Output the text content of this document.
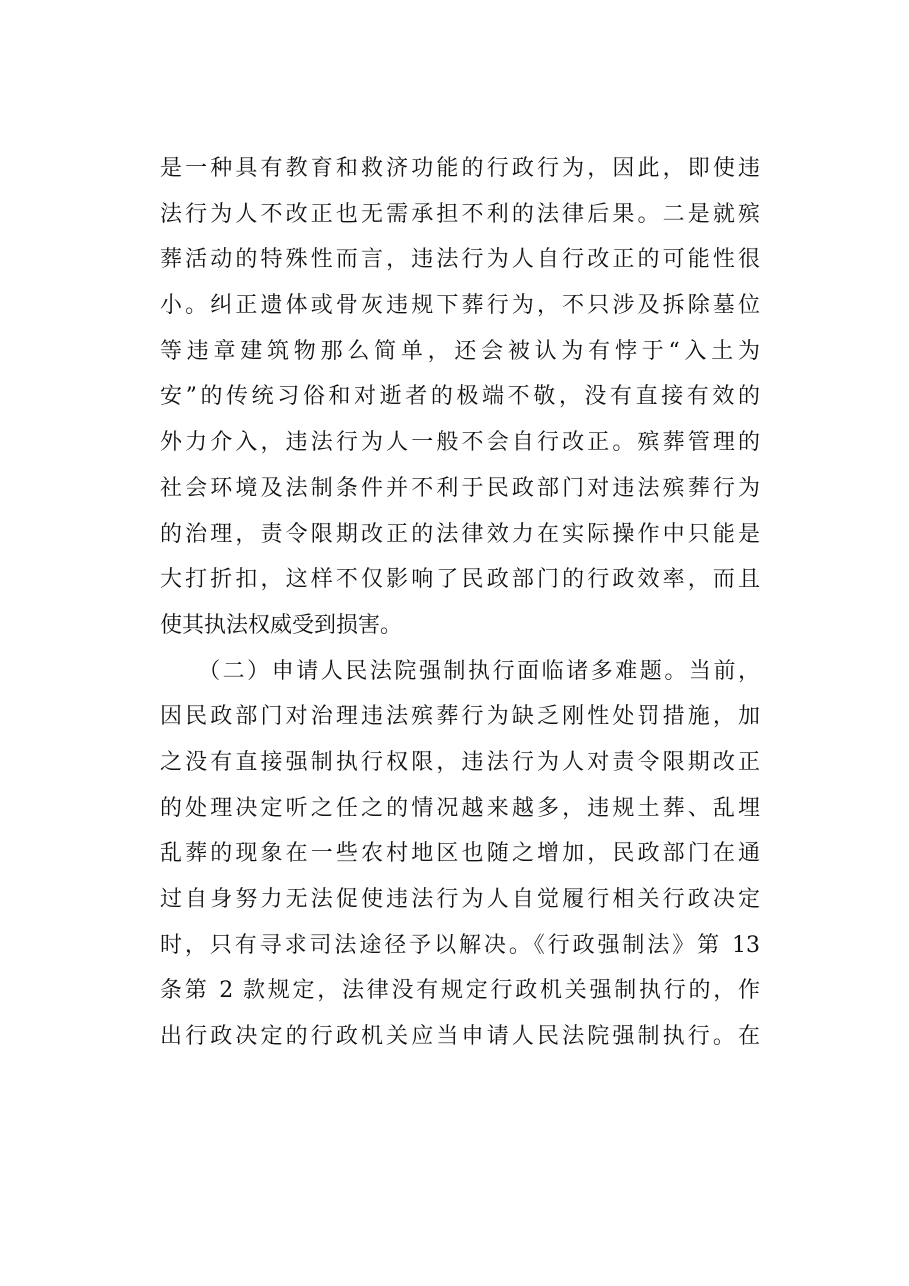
是一种具有教育和救济功能的行政行为，因此，即使违
法行为人不改正也无需承担不利的法律后果。二是就殡
葬活动的特殊性而言，违法行为人自行改正的可能性很
小。纠正遗体或骨灰违规下葬行为，不只涉及拆除墓位
等违章建筑物那么简单，还会被认为有悖于“入土为
安”的传统习俗和对逝者的极端不敬，没有直接有效的
外力介入，违法行为人一般不会自行改正。殡葬管理的
社会环境及法制条件并不利于民政部门对违法殡葬行为
的治理，责令限期改正的法律效力在实际操作中只能是
大打折扣，这样不仅影响了民政部门的行政效率，而且
使其执法权威受到损害。
　　（二）申请人民法院强制执行面临诸多难题。当前，
因民政部门对治理违法殡葬行为缺乏刚性处罚措施，加
之没有直接强制执行权限，违法行为人对责令限期改正
的处理决定听之任之的情况越来越多，违规土葬、乱埋
乱葬的现象在一些农村地区也随之增加，民政部门在通
过自身努力无法促使违法行为人自觉履行相关行政决定
时，只有寻求司法途径予以解决。《行政强制法》第 13
条第 2 款规定，法律没有规定行政机关强制执行的，作
出行政决定的行政机关应当申请人民法院强制执行。在
